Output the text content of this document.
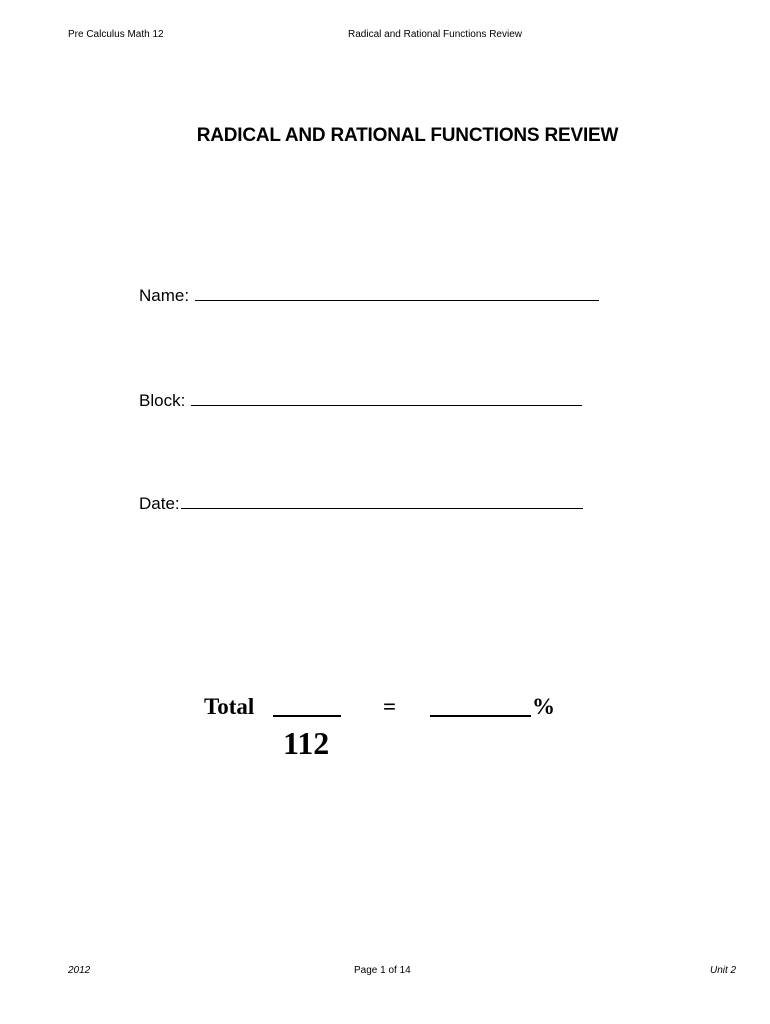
Pre Calculus Math 12	Radical and Rational Functions Review
RADICAL AND RATIONAL FUNCTIONS REVIEW
Name:
Block:
Date:
Total	=	%
112
2012	Page 1 of 14	Unit 2
